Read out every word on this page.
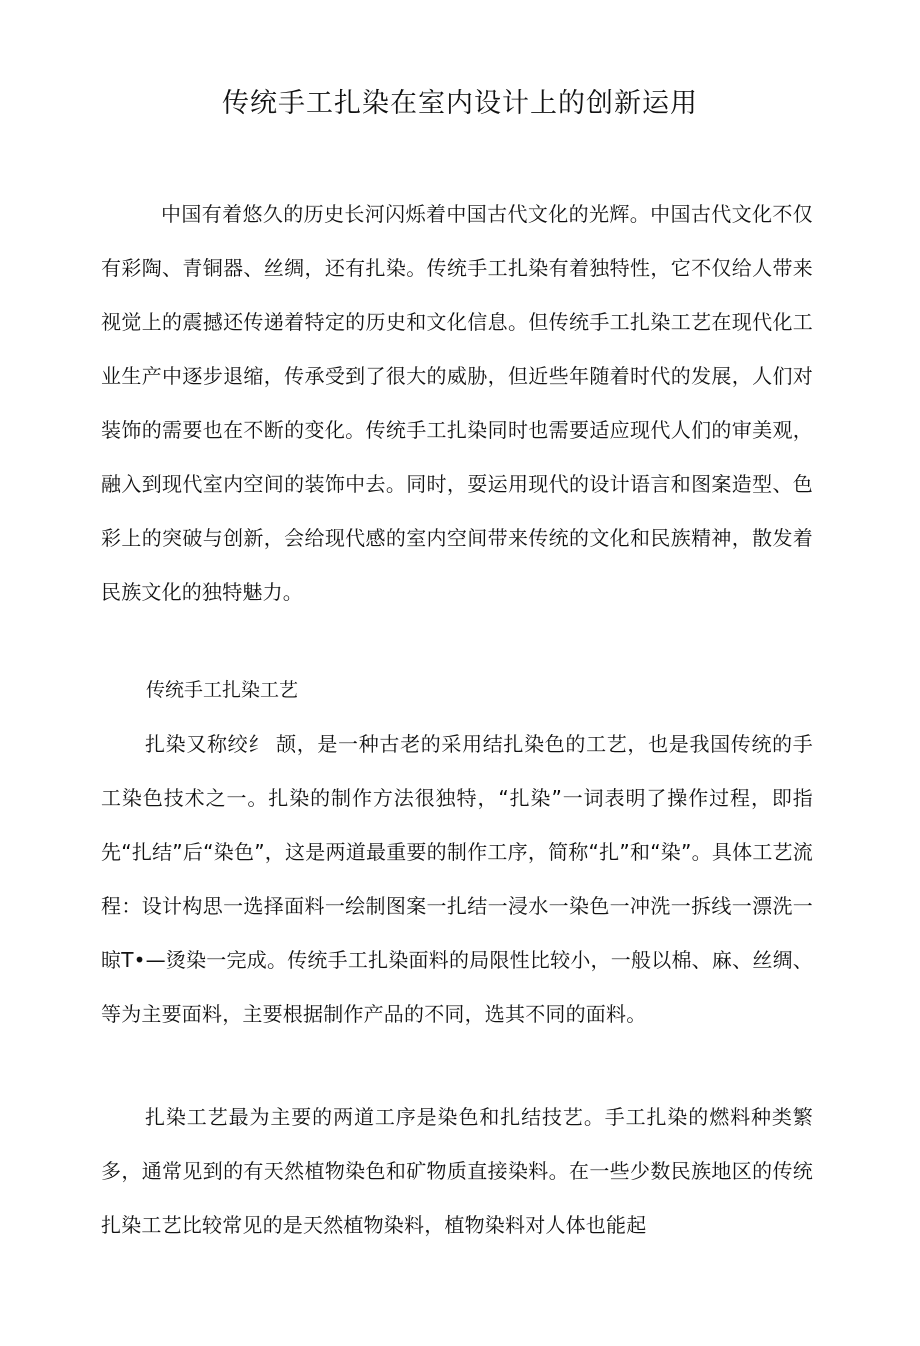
传统手工扎染在室内设计上的创新运用

中国有着悠久的历史长河闪烁着中国古代文化的光辉。中国古代文化不仅有彩陶、青铜器、丝绸，还有扎染。传统手工扎染有着独特性，它不仅给人带来视觉上的震撼还传递着特定的历史和文化信息。但传统手工扎染工艺在现代化工业生产中逐步退缩，传承受到了很大的威胁，但近些年随着时代的发展，人们对装饰的需要也在不断的变化。传统手工扎染同时也需要适应现代人们的审美观，融入到现代室内空间的装饰中去。同时，耍运用现代的设计语言和图案造型、色彩上的突破与创新，会给现代感的室内空间带来传统的文化和民族精神，散发着民族文化的独特魅力。

传统手工扎染工艺

扎染又称绞纟 颉，是一种古老的采用结扎染色的工艺，也是我国传统的手工染色技术之一。扎染的制作方法很独特，“扎染”一词表明了操作过程，即指先“扎结”后“染色”，这是两道最重要的制作工序，简称“扎”和“染”。具体工艺流程：设计构思一选择面料一绘制图案一扎结一浸水一染色一冲洗一拆线一漂洗一晾T•—烫染一完成。传统手工扎染面料的局限性比较小，一般以棉、麻、丝绸、等为主要面料，主要根据制作产品的不同，选其不同的面料。

扎染工艺最为主要的两道工序是染色和扎结技艺。手工扎染的燃料种类繁多，通常见到的有天然植物染色和矿物质直接染料。在一些少数民族地区的传统扎染工艺比较常见的是天然植物染料，植物染料对人体也能起
